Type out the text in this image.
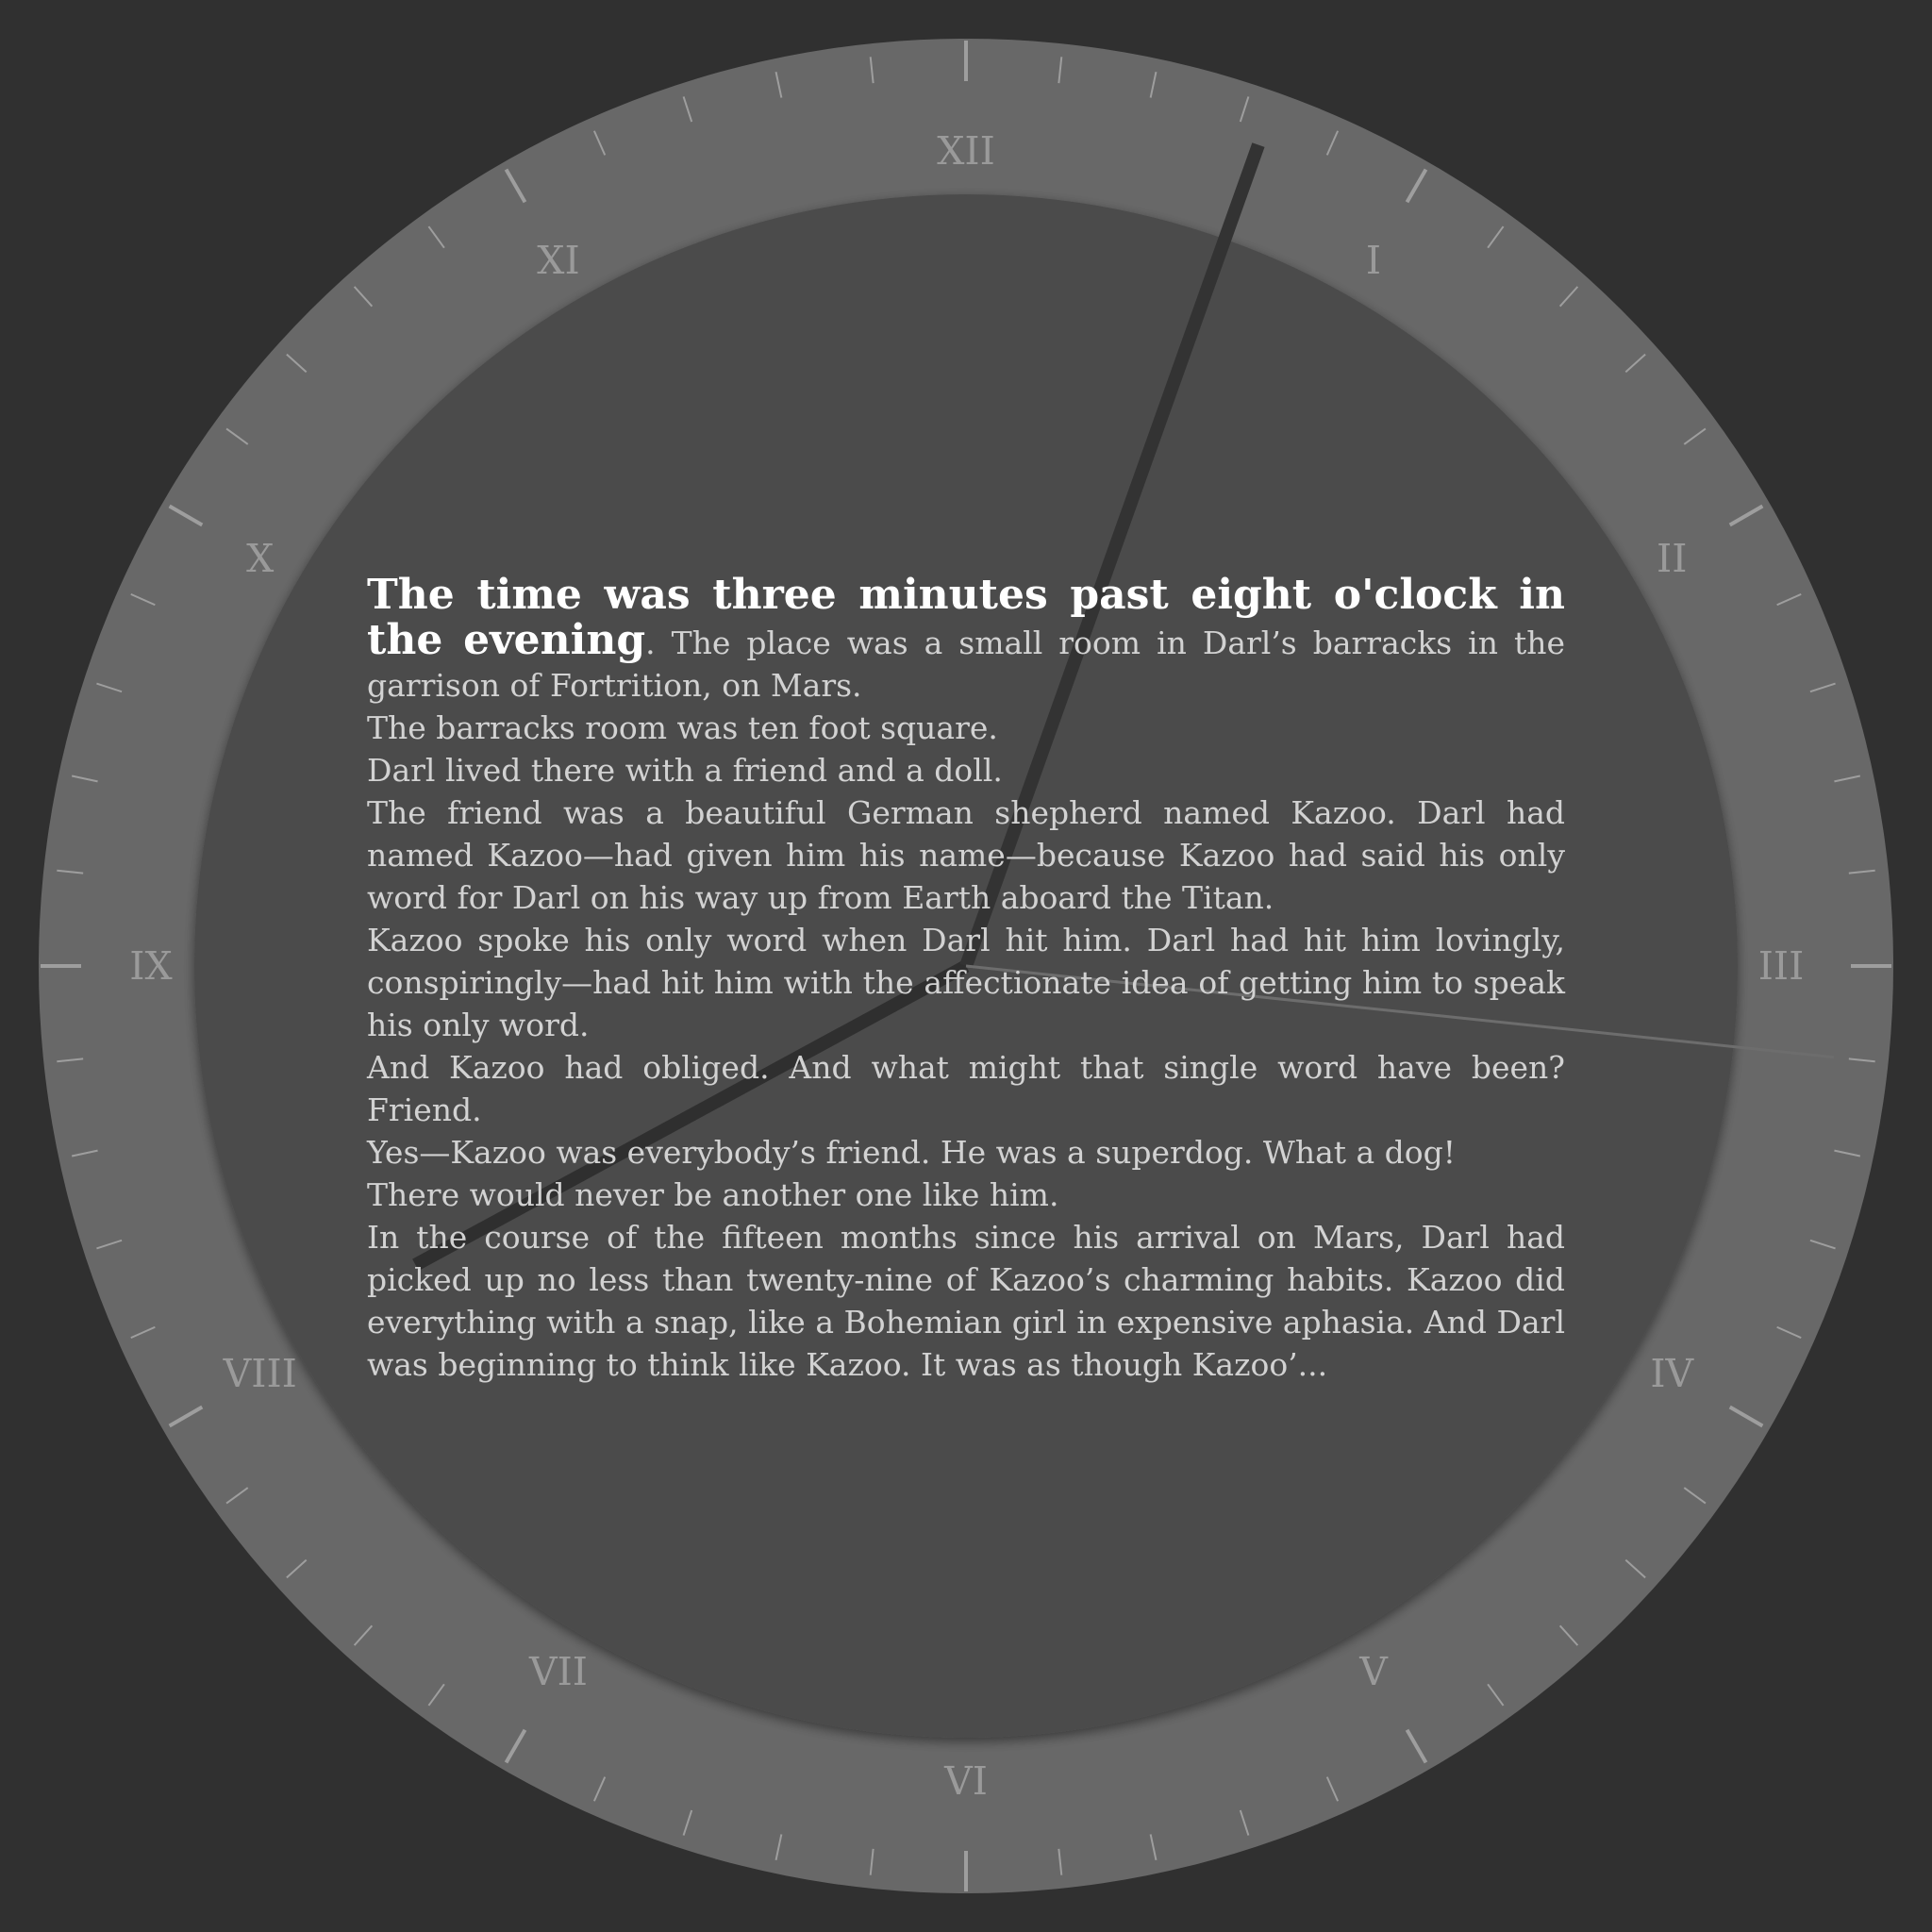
XII
I
II
III
IV
V
VI
VII
VIII
IX
X
XI

The time was three minutes past eight o'clock in the evening. The place was a small room in Darl’s barracks in the garrison of Fortrition, on Mars.

The barracks room was ten foot square.

Darl lived there with a friend and a doll.

The friend was a beautiful German shepherd named Kazoo. Darl had named Kazoo—had given him his name—because Kazoo had said his only word for Darl on his way up from Earth aboard the Titan.

Kazoo spoke his only word when Darl hit him. Darl had hit him lovingly, conspiringly—had hit him with the affectionate idea of getting him to speak his only word.

And Kazoo had obliged. And what might that single word have been? Friend.

Yes—Kazoo was everybody’s friend. He was a superdog. What a dog!

There would never be another one like him.

In the course of the fifteen months since his arrival on Mars, Darl had picked up no less than twenty-nine of Kazoo’s charming habits. Kazoo did everything with a snap, like a Bohemian girl in expensive aphasia. And Darl was beginning to think like Kazoo. It was as though Kazoo’...
